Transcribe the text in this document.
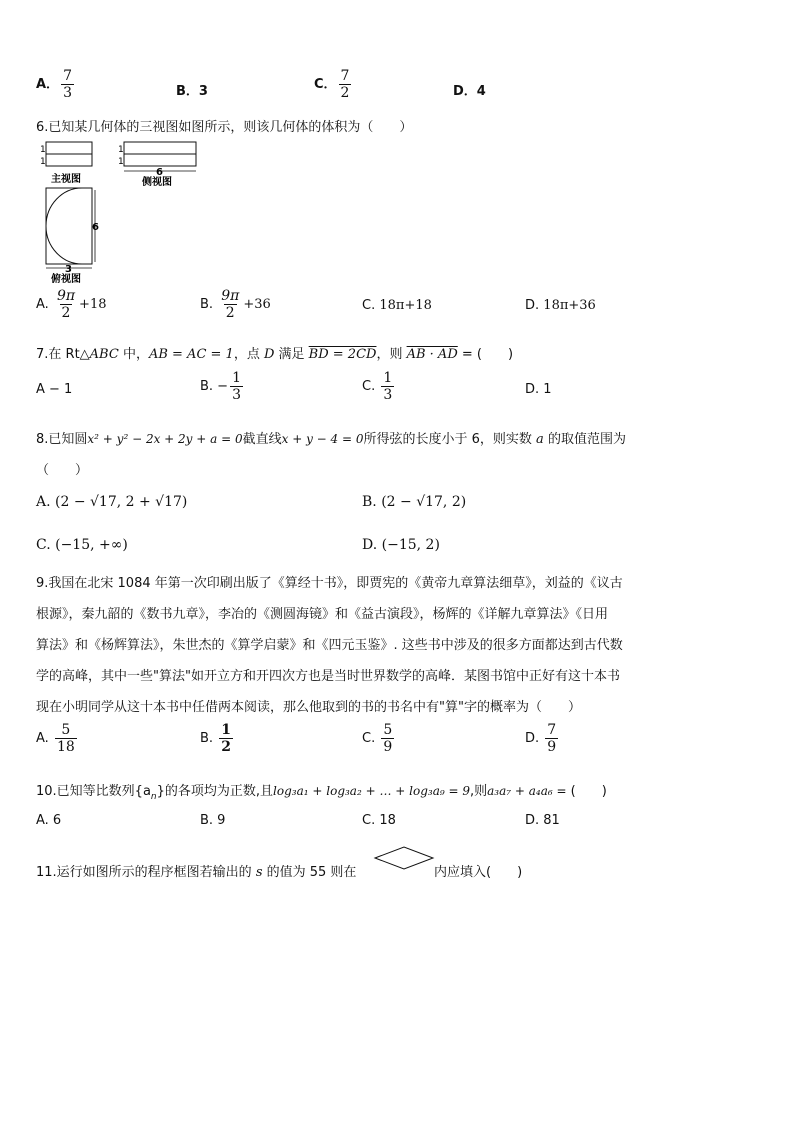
A． $\frac{7}{3}$	B．3	C． $\frac{7}{2}$	D．4
6.已知某几何体的三视图如图所示，则该几何体的体积为（　　）
1
1
主视图
1
1
6
侧视图
6
3
俯视图
A. $\frac{9\pi}{2} +18$	B. $\frac{9\pi}{2} +36$	C. 18π+18	D. 18π+36
7.在 Rt△ABC 中，AB = AC = 1，点 D 满足 BD = 2CD，则 AB · AD = (　　)
A − 1	B. − $\frac{1}{3}$	C. $\frac{1}{3}$	D. 1
8.已知圆x² + y² − 2x + 2y + a = 0截直线x + y − 4 = 0所得弦的长度小于 6，则实数 a 的取值范围为
（　　）
A. (2 − √17, 2 + √17)	B. (2 − √17, 2)
C. (−15, +∞)	D. (−15, 2)
9.我国在北宋 1084 年第一次印刷出版了《算经十书》，即贾宪的《黄帝九章算法细草》，刘益的《议古
根源》，秦九韶的《数书九章》，李冶的《测圆海镜》和《益古演段》，杨辉的《详解九章算法》《日用
算法》和《杨辉算法》，朱世杰的《算学启蒙》和《四元玉鉴》. 这些书中涉及的很多方面都达到古代数
学的高峰，其中一些"算法"如开立方和开四次方也是当时世界数学的高峰．某图书馆中正好有这十本书
现在小明同学从这十本书中任借两本阅读，那么他取到的书的书名中有"算"字的概率为（　　）
A. $\frac{5}{18}$	B. $\frac{1}{2}$	C. $\frac{5}{9}$	D. $\frac{7}{9}$
10.已知等比数列$\{a_n\}$的各项均为正数,且log₃a₁ + log₃a₂ + … + log₃a₉ = 9,则a₃a₇ + a₄a₆ = (　　)
A. 6	B. 9	C. 18	D. 81
11.运行如图所示的程序框图若输出的 s 的值为 55 则在	内应填入(　　)
